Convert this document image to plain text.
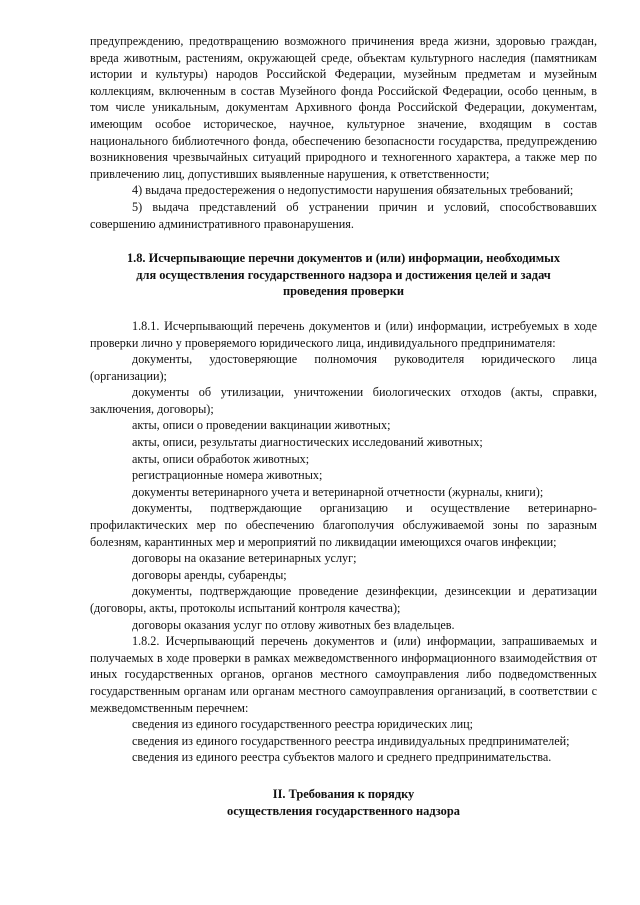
предупреждению, предотвращению возможного причинения вреда жизни, здоровью граждан, вреда животным, растениям, окружающей среде, объектам культурного наследия (памятникам истории и культуры) народов Российской Федерации, музейным предметам и музейным коллекциям, включенным в состав Музейного фонда Российской Федерации, особо ценным, в том числе уникальным, документам Архивного фонда Российской Федерации, документам, имеющим особое историческое, научное, культурное значение, входящим в состав национального библиотечного фонда, обеспечению безопасности государства, предупреждению возникновения чрезвычайных ситуаций природного и техногенного характера, а также мер по привлечению лиц, допустивших выявленные нарушения, к ответственности;

4) выдача предостережения о недопустимости нарушения обязательных требований;

5) выдача представлений об устранении причин и условий, способствовавших совершению административного правонарушения.

1.8. Исчерпывающие перечни документов и (или) информации, необходимых
для осуществления государственного надзора и достижения целей и задач
проведения проверки

1.8.1. Исчерпывающий перечень документов и (или) информации, истребуемых в ходе проверки лично у проверяемого юридического лица, индивидуального предпринимателя:

документы, удостоверяющие полномочия руководителя юридического лица (организации);

документы об утилизации, уничтожении биологических отходов (акты, справки, заключения, договоры);

акты, описи о проведении вакцинации животных;

акты, описи, результаты диагностических исследований животных;

акты, описи обработок животных;

регистрационные номера животных;

документы ветеринарного учета и ветеринарной отчетности (журналы, книги);

документы, подтверждающие организацию и осуществление ветеринарно-профилактических мер по обеспечению благополучия обслуживаемой зоны по заразным болезням, карантинных мер и мероприятий по ликвидации имеющихся очагов инфекции;

договоры на оказание ветеринарных услуг;

договоры аренды, субаренды;

документы, подтверждающие проведение дезинфекции, дезинсекции и дератизации (договоры, акты, протоколы испытаний контроля качества);

договоры оказания услуг по отлову животных без владельцев.

1.8.2. Исчерпывающий перечень документов и (или) информации, запрашиваемых и получаемых в ходе проверки в рамках межведомственного информационного взаимодействия от иных государственных органов, органов местного самоуправления либо подведомственных государственным органам или органам местного самоуправления организаций, в соответствии с межведомственным перечнем:

сведения из единого государственного реестра юридических лиц;

сведения из единого государственного реестра индивидуальных предпринимателей;

сведения из единого реестра субъектов малого и среднего предпринимательства.

II. Требования к порядку
осуществления государственного надзора
